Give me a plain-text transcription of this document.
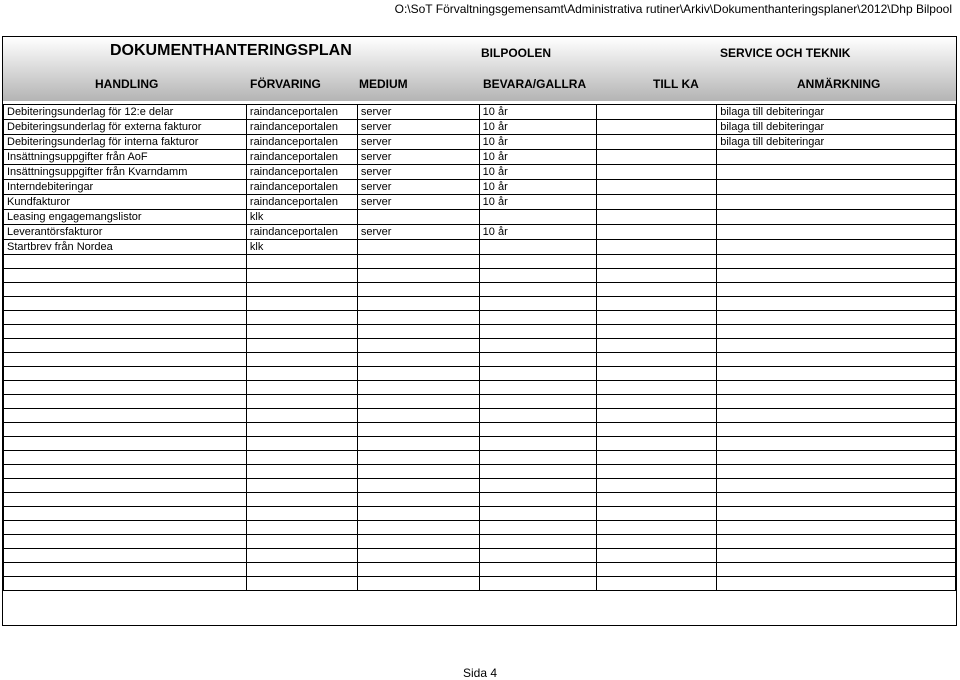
O:\SoT Förvaltningsgemensamt\Administrativa rutiner\Arkiv\Dokumenthanteringsplaner\2012\Dhp Bilpool
DOKUMENTHANTERINGSPLAN	BILPOOLEN	SERVICE OCH TEKNIK
HANDLING	FÖRVARING	MEDIUM	BEVARA/GALLRA	TILL KA	ANMÄRKNING
Debiteringsunderlag för 12:e delar	raindanceportalen	server	10 år		bilaga till debiteringar
Debiteringsunderlag för externa fakturor	raindanceportalen	server	10 år		bilaga till debiteringar
Debiteringsunderlag för interna fakturor	raindanceportalen	server	10 år		bilaga till debiteringar
Insättningsuppgifter från AoF	raindanceportalen	server	10 år		
Insättningsuppgifter från Kvarndamm	raindanceportalen	server	10 år		
Interndebiteringar	raindanceportalen	server	10 år		
Kundfakturor	raindanceportalen	server	10 år		
Leasing engagemangslistor	klk				
Leverantörsfakturor	raindanceportalen	server	10 år		
Startbrev från Nordea	klk				

Sida 4
